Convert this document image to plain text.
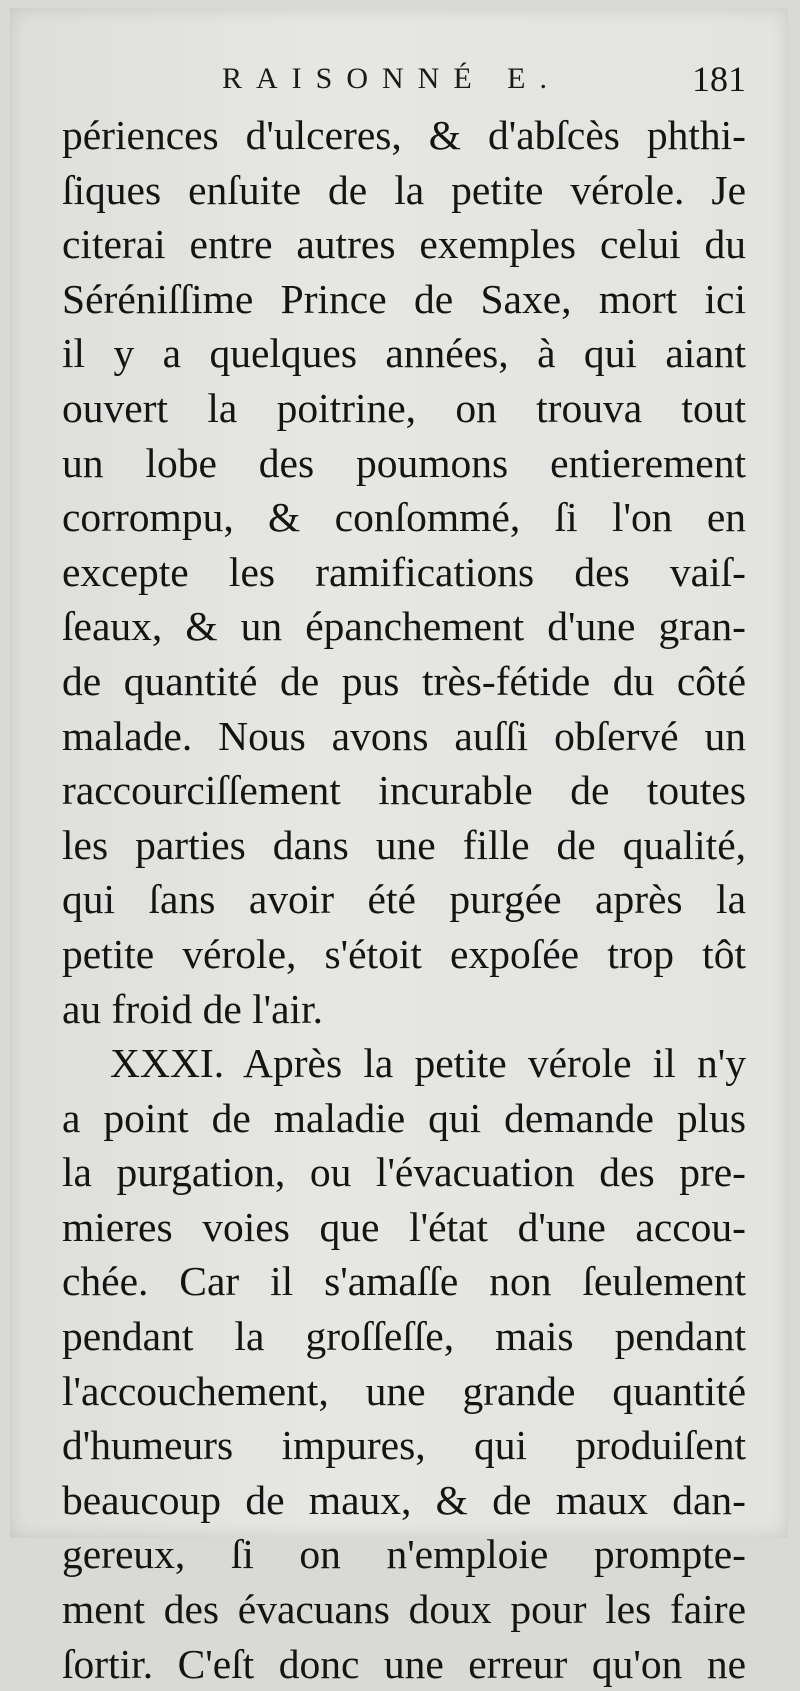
RAISONNÉ E.	181
périences d'ulceres, & d'abſcès phthi-
ſiques enſuite de la petite vérole. Je
citerai entre autres exemples celui du
Séréniſſime Prince de Saxe, mort ici
il y a quelques années, à qui aiant
ouvert la poitrine, on trouva tout
un lobe des poumons entierement
corrompu, & conſommé, ſi l'on en
excepte les ramifications des vaiſ-
ſeaux, & un épanchement d'une gran-
de quantité de pus très-fétide du côté
malade. Nous avons auſſi obſervé un
raccourciſſement incurable de toutes
les parties dans une fille de qualité,
qui ſans avoir été purgée après la
petite vérole, s'étoit expoſée trop tôt
au froid de l'air.
XXXI. Après la petite vérole il n'y
a point de maladie qui demande plus
la purgation, ou l'évacuation des pre-
mieres voies que l'état d'une accou-
chée. Car il s'amaſſe non ſeulement
pendant la groſſeſſe, mais pendant
l'accouchement, une grande quantité
d'humeurs impures, qui produiſent
beaucoup de maux, & de maux dan-
gereux, ſi on n'emploie prompte-
ment des évacuans doux pour les faire
ſortir. C'eſt donc une erreur qu'on ne
